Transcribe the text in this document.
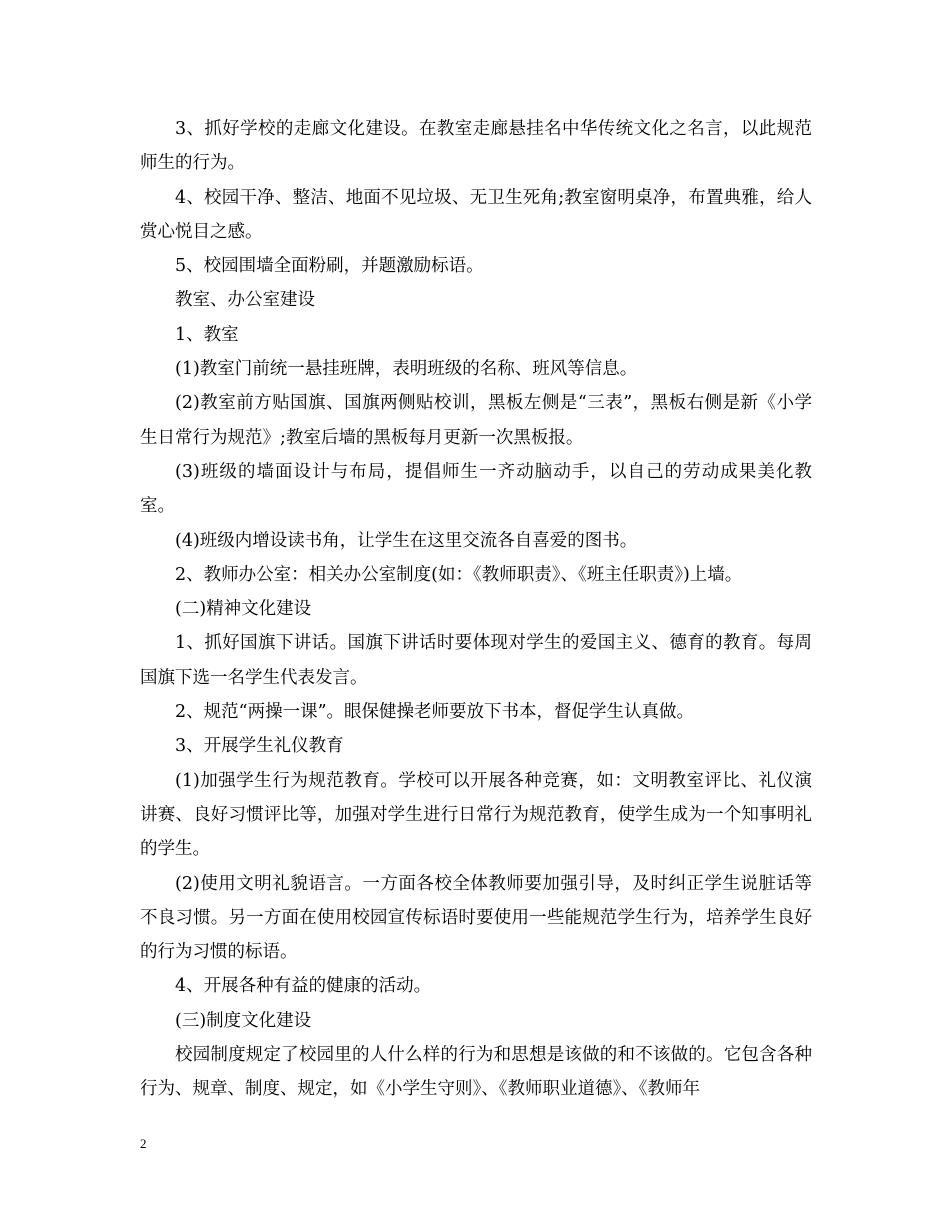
3、抓好学校的走廊文化建设。在教室走廊悬挂名中华传统文化之名言，以此规范师生的行为。

4、校园干净、整洁、地面不见垃圾、无卫生死角;教室窗明桌净，布置典雅，给人赏心悦目之感。

5、校园围墙全面粉刷，并题激励标语。

教室、办公室建设

1、教室

(1)教室门前统一悬挂班牌，表明班级的名称、班风等信息。

(2)教室前方贴国旗、国旗两侧贴校训，黑板左侧是“三表”，黑板右侧是新《小学生日常行为规范》;教室后墙的黑板每月更新一次黑板报。

(3)班级的墙面设计与布局，提倡师生一齐动脑动手，以自己的劳动成果美化教室。

(4)班级内增设读书角，让学生在这里交流各自喜爱的图书。

2、教师办公室：相关办公室制度(如：《教师职责》、《班主任职责》)上墙。

(二)精神文化建设

1、抓好国旗下讲话。国旗下讲话时要体现对学生的爱国主义、德育的教育。每周国旗下选一名学生代表发言。

2、规范“两操一课”。眼保健操老师要放下书本，督促学生认真做。

3、开展学生礼仪教育

(1)加强学生行为规范教育。学校可以开展各种竞赛，如：文明教室评比、礼仪演讲赛、良好习惯评比等，加强对学生进行日常行为规范教育，使学生成为一个知事明礼的学生。

(2)使用文明礼貌语言。一方面各校全体教师要加强引导，及时纠正学生说脏话等不良习惯。另一方面在使用校园宣传标语时要使用一些能规范学生行为，培养学生良好的行为习惯的标语。

4、开展各种有益的健康的活动。

(三)制度文化建设

校园制度规定了校园里的人什么样的行为和思想是该做的和不该做的。它包含各种行为、规章、制度、规定，如《小学生守则》、《教师职业道德》、《教师年

2
